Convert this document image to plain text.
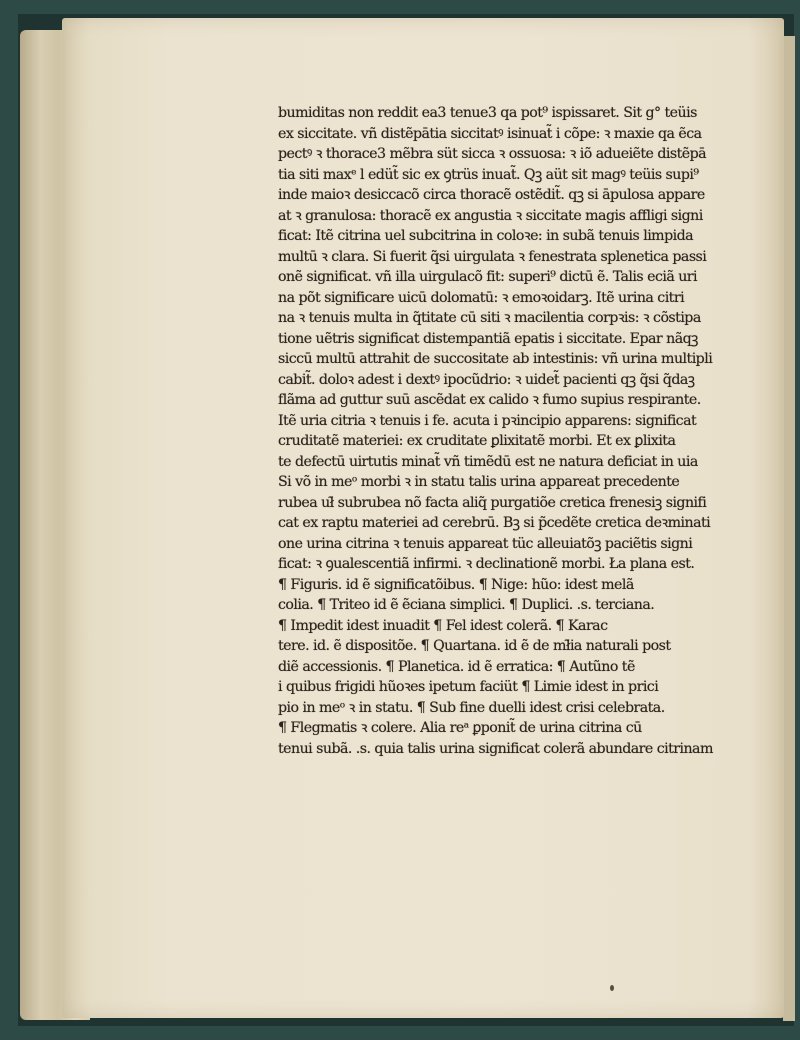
bumiditas non reddit ea3 tenue3 qa pot⁹ ispissaret. Sit g° teüis
ex siccitate. vñ distẽpātia siccitatꝰ isinuat̃ i cõpe: ꝛ maxie qa ẽca
pectꝰ ꝛ thorace3 mẽbra süt sicca ꝛ ossuosa: ꝛ iõ adueiẽte distẽpā
tia siti maxᵉ l edüt̃ sic ex ꝯtrüs inuat̃. Qꝫ aüt sit magꝰ teüis supi⁹
inde maioꝛ desiccacõ circa thoracẽ ostẽdit̃. qꝫ si āpulosa appare
at ꝛ granulosa: thoracẽ ex angustia ꝛ siccitate magis affligi signi
ficat: Itẽ citrina uel subcitrina in coloꝛe: in subã tenuis limpida
multū ꝛ clara. Si fuerit q̃si uirgulata ꝛ fenestrata splenetica passi
onẽ significat. vñ illa uirgulacõ fit: superi⁹ dictū ẽ. Talis eciã uri
na põt significare uicū dolomatū: ꝛ emoꝛoidarꝫ. Itẽ urina citri
na ꝛ tenuis multa in q̃titate cū siti ꝛ macilentia corpꝛis: ꝛ cõstipa
tione uẽtris significat distempantiã epatis i siccitate. Epar nãqꝫ
siccū multū attrahit de succositate ab intestinis: vñ urina multipli
cabit̃. doloꝛ adest i dextꝰ ipocũdrio: ꝛ uidet̃ pacienti qꝫ q̃si q̃daꝫ
flãma ad guttur suū ascẽdat ex calido ꝛ fumo supius respirante.
Itẽ uria citria ꝛ tenuis i fe. acuta i pꝛincipio apparens: significat
cruditatẽ materiei: ex cruditate ꝑlixitatẽ morbi. Et ex ꝑlixita
te defectū uirtutis minat̃ vñ timẽdū est ne natura deficiat in uia
Si võ in meᵒ morbi ꝛ in statu talis urina appareat precedente
rubea uł̃ subrubea nõ facta aliq̃ purgatiõe cretica frenesiꝫ signifi
cat ex raptu materiei ad cerebrū. Bꝫ si p̃cedẽte cretica deꝛminati
one urina citrina ꝛ tenuis appareat tüc alleuiatõꝫ paciẽtis signi
ficat: ꝛ ꝯualescentiã infirmi. ꝛ declinationẽ morbi. Ła plana est.
¶ Figuris. id ẽ significatõibus. ¶ Nige: hũo: idest melã
colia. ¶ Triteo id ẽ ẽciana simplici. ¶ Duplici. .s. terciana.
¶ Impedit idest inuadit ¶ Fel idest colerã. ¶ Karac
tere. id. ẽ dispositõe. ¶ Quartana. id ẽ de mł̃ia naturali post
diẽ accessionis. ¶ Planetica. id ẽ erratica: ¶ Autũno tẽ
i quibus frigidi hũoꝛes ipetum faciüt ¶ Limie idest in prici
pio in meᵒ ꝛ in statu. ¶ Sub fine duelli idest crisi celebrata.
¶ Flegmatis ꝛ colere. Alia reᵃ ꝑponit̃ de urina citrina cū
tenui subã. .s. quia talis urina significat colerã abundare citrinam
